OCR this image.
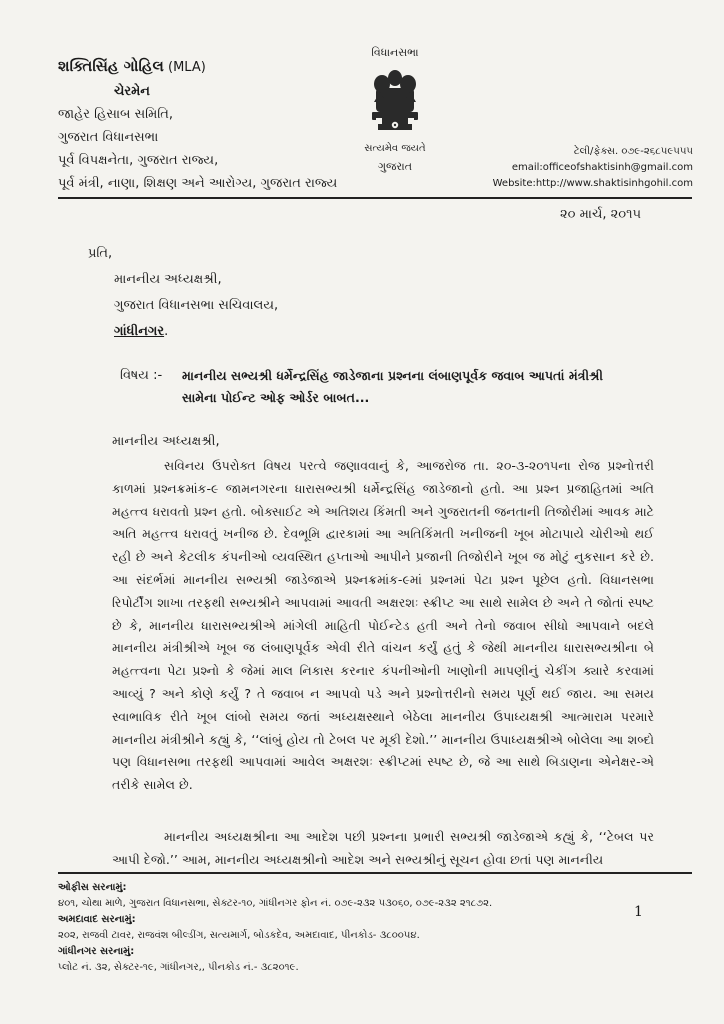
શક્તિસિંહ ગોહિલ (MLA)
ચેરમેન
જાહેર હિસાબ સમિતિ,
ગુજરાત વિધાનસભા
પૂર્વ વિપક્ષનેતા, ગુજરાત રાજ્ય,
પૂર્વ મંત્રી, નાણા, શિક્ષણ અને આરોગ્ય, ગુજરાત રાજ્ય
વિધાનસભા
સત્યમેવ જયતે
ગુજરાત
ટેલી/ફેક્સ. ૦૭૯-૨૬૮૫૯૫૫૫
email:officeofshaktisinh@gmail.com
Website:http://www.shaktisinhgohil.com
૨૦ માર્ચ, ૨૦૧૫
પ્રતિ,
માનનીય અધ્યક્ષશ્રી,
ગુજરાત વિધાનસભા સચિવાલય,
ગાંધીનગર.
વિષય :- માનનીય સભ્યશ્રી ધર્મેન્દ્રસિંહ જાડેજાના પ્રશ્નના લંબાણપૂર્વક જવાબ આપતાં મંત્રીશ્રી
સામેના પોઈન્ટ ઓફ ઓર્ડર બાબત...
માનનીય અધ્યક્ષશ્રી,
સવિનય ઉપરોક્ત વિષય પરત્વે જણાવવાનું કે, આજરોજ તા. ૨૦-૩-૨૦૧૫ના રોજ પ્રશ્નોત્તરી કાળમાં પ્રશ્નક્રમાંક-૯ જામનગરના ધારાસભ્યશ્રી ધર્મેન્દ્રસિંહ જાડેજાનો હતો. આ પ્રશ્ન પ્રજાહિતમાં અતિ મહત્ત્વ ધરાવતો પ્રશ્ન હતો. બોક્સાઈટ એ અતિશય કિંમતી અને ગુજરાતની જનતાની તિજોરીમાં આવક માટે અતિ મહત્ત્વ ધરાવતું ખનીજ છે. દેવભૂમિ દ્વારકામાં આ અતિકિંમતી ખનીજની ખૂબ મોટાપાયે ચોરીઓ થઈ રહી છે અને કેટલીક કંપનીઓ વ્યવસ્થિત હપ્તાઓ આપીને પ્રજાની તિજોરીને ખૂબ જ મોટું નુકસાન કરે છે. આ સંદર્ભમાં માનનીય સભ્યશ્રી જાડેજાએ પ્રશ્નક્રમાંક-૯માં પ્રશ્નમાં પેટા પ્રશ્ન પૂછેલ હતો. વિધાનસભા રિપોર્ટીંગ શાખા તરફથી સભ્યશ્રીને આપવામાં આવતી અક્ષરશઃ સ્ક્રીપ્ટ આ સાથે સામેલ છે અને તે જોતાં સ્પષ્ટ છે કે, માનનીય ધારાસભ્યશ્રીએ માંગેલી માહિતી પોઈન્ટેડ હતી અને તેનો જવાબ સીધો આપવાને બદલે માનનીય મંત્રીશ્રીએ ખૂબ જ લંબાણપૂર્વક એવી રીતે વાંચન કર્યું હતું કે જેથી માનનીય ધારાસભ્યશ્રીના બે મહત્ત્વના પેટા પ્રશ્નો કે જેમાં માલ નિકાસ કરનાર કંપનીઓની ખાણોની માપણીનું ચેકીંગ ક્યારે કરવામાં આવ્યું ? અને કોણે કર્યું ? તે જવાબ ન આપવો પડે અને પ્રશ્નોત્તરીનો સમય પૂર્ણ થઈ જાય. આ સમય સ્વાભાવિક રીતે ખૂબ લાંબો સમય જતાં અધ્યક્ષસ્થાને બેઠેલા માનનીય ઉપાધ્યક્ષશ્રી આત્મારામ પરમારે માનનીય મંત્રીશ્રીને કહ્યું કે, ‘‘લાંબું હોય તો ટેબલ પર મૂકી દેશો.’’ માનનીય ઉપાધ્યક્ષશ્રીએ બોલેલા આ શબ્દો પણ વિધાનસભા તરફથી આપવામાં આવેલ અક્ષરશઃ સ્ક્રીપ્ટમાં સ્પષ્ટ છે, જે આ સાથે બિડાણના એનેક્ષર-એ તરીકે સામેલ છે.
માનનીય અધ્યક્ષશ્રીના આ આદેશ પછી પ્રશ્નના પ્રભારી સભ્યશ્રી જાડેજાએ કહ્યું કે, ‘‘ટેબલ પર આપી દેજો.’’ આમ, માનનીય અધ્યક્ષશ્રીનો આદેશ અને સભ્યશ્રીનું સૂચન હોવા છતાં પણ માનનીય
ઓફીસ સરનામું:
૪૦૧, ચોથા માળે, ગુજરાત વિધાનસભા, સેક્ટર-૧૦, ગાંધીનગર ફોન નં. ૦૭૯-૨૩૨ ૫૩૦૬૦, ૦૭૯-૨૩૨ ૨૧૮૭૨.
અમદાવાદ સરનામું:
૨૦૨, રાજવી ટાવર, રાજવંશ બીલ્ડીંગ, સત્યમાર્ગ, બોડકદેવ, અમદાવાદ, પીનકોડ- ૩૮૦૦૫૪.
ગાંધીનગર સરનામું:
પ્લોટ નં. ૩૨, સેક્ટર-૧૯, ગાંધીનગર,, પીનકોડ નં.- ૩૮૨૦૧૯.
1
